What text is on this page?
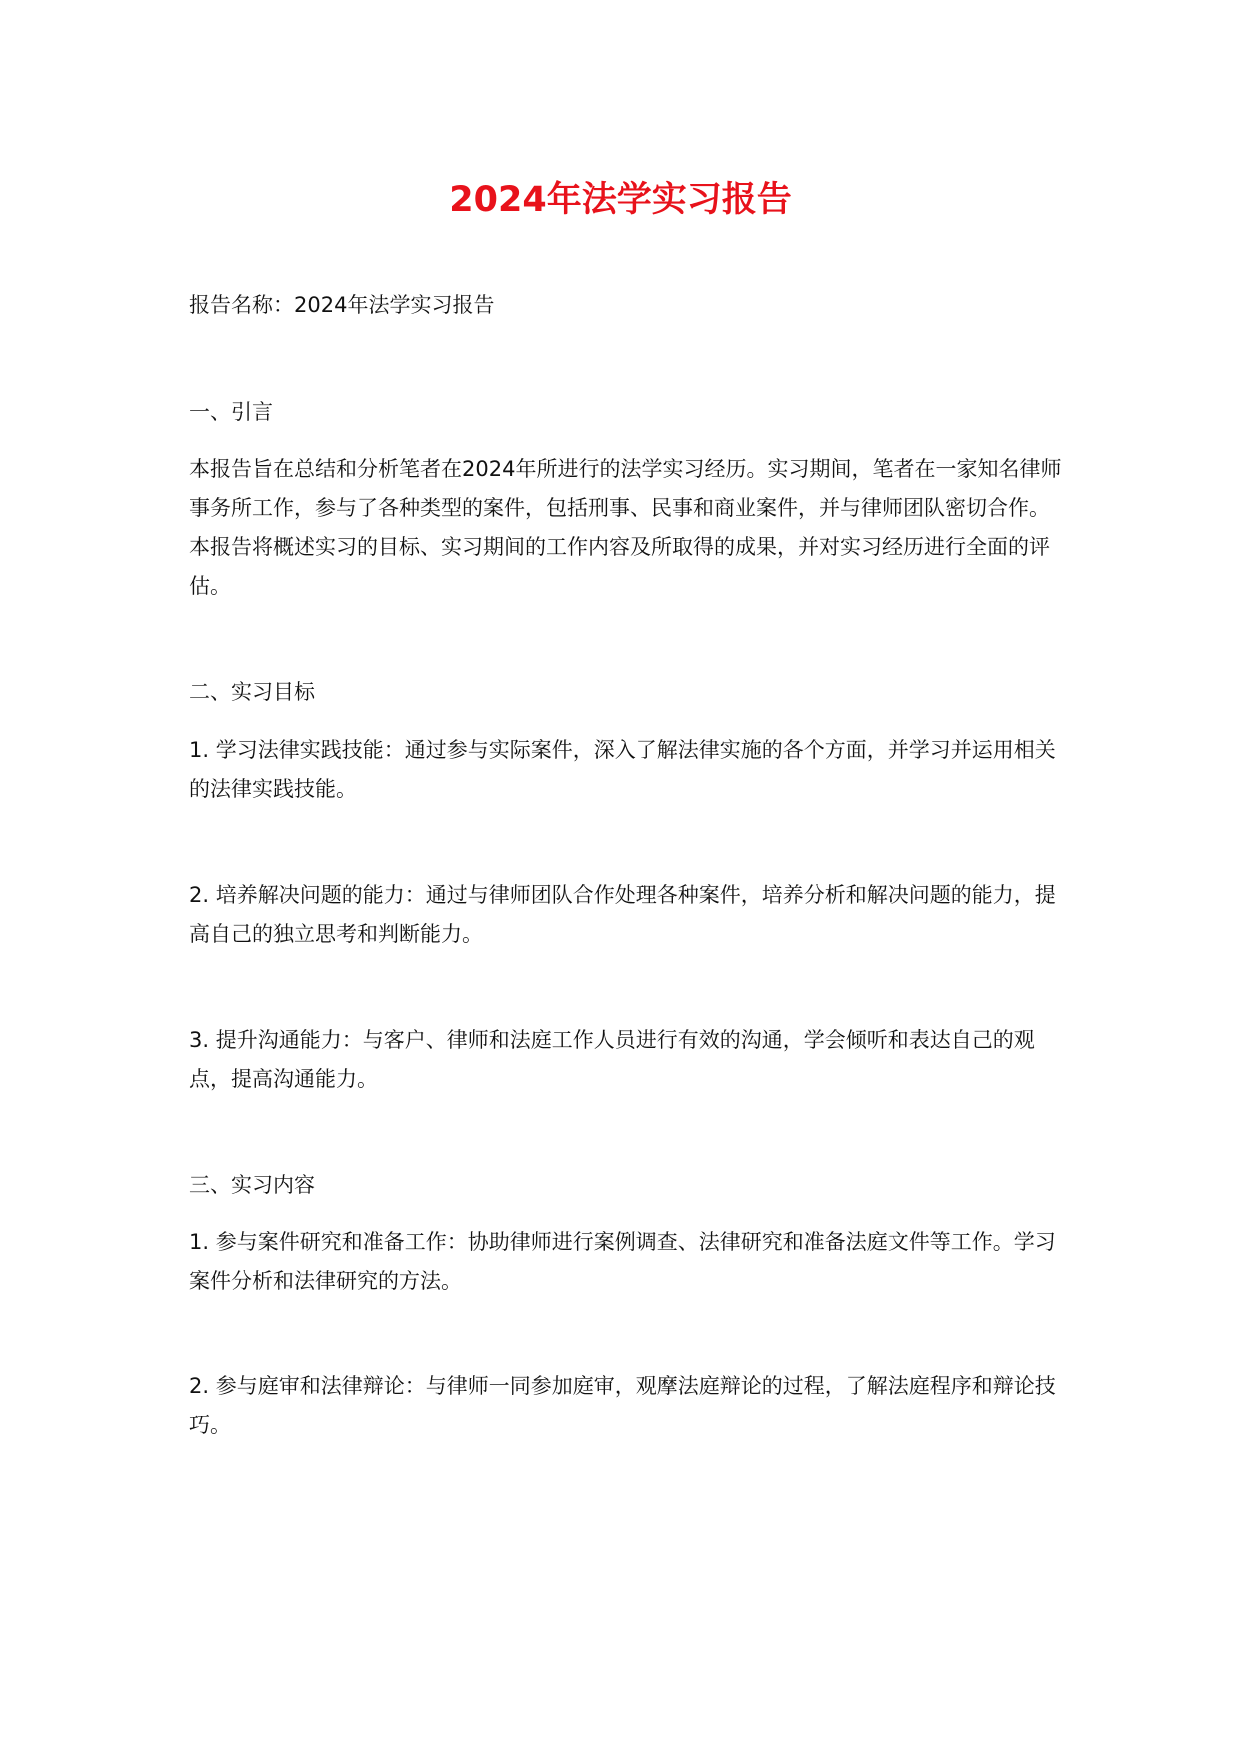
2024年法学实习报告

报告名称：2024年法学实习报告

一、引言

本报告旨在总结和分析笔者在2024年所进行的法学实习经历。实习期间，笔者在一家知名律师事务所工作，参与了各种类型的案件，包括刑事、民事和商业案件，并与律师团队密切合作。本报告将概述实习的目标、实习期间的工作内容及所取得的成果，并对实习经历进行全面的评估。

二、实习目标

1. 学习法律实践技能：通过参与实际案件，深入了解法律实施的各个方面，并学习并运用相关的法律实践技能。

2. 培养解决问题的能力：通过与律师团队合作处理各种案件，培养分析和解决问题的能力，提高自己的独立思考和判断能力。

3. 提升沟通能力：与客户、律师和法庭工作人员进行有效的沟通，学会倾听和表达自己的观点，提高沟通能力。

三、实习内容

1. 参与案件研究和准备工作：协助律师进行案例调查、法律研究和准备法庭文件等工作。学习案件分析和法律研究的方法。

2. 参与庭审和法律辩论：与律师一同参加庭审，观摩法庭辩论的过程，了解法庭程序和辩论技巧。
